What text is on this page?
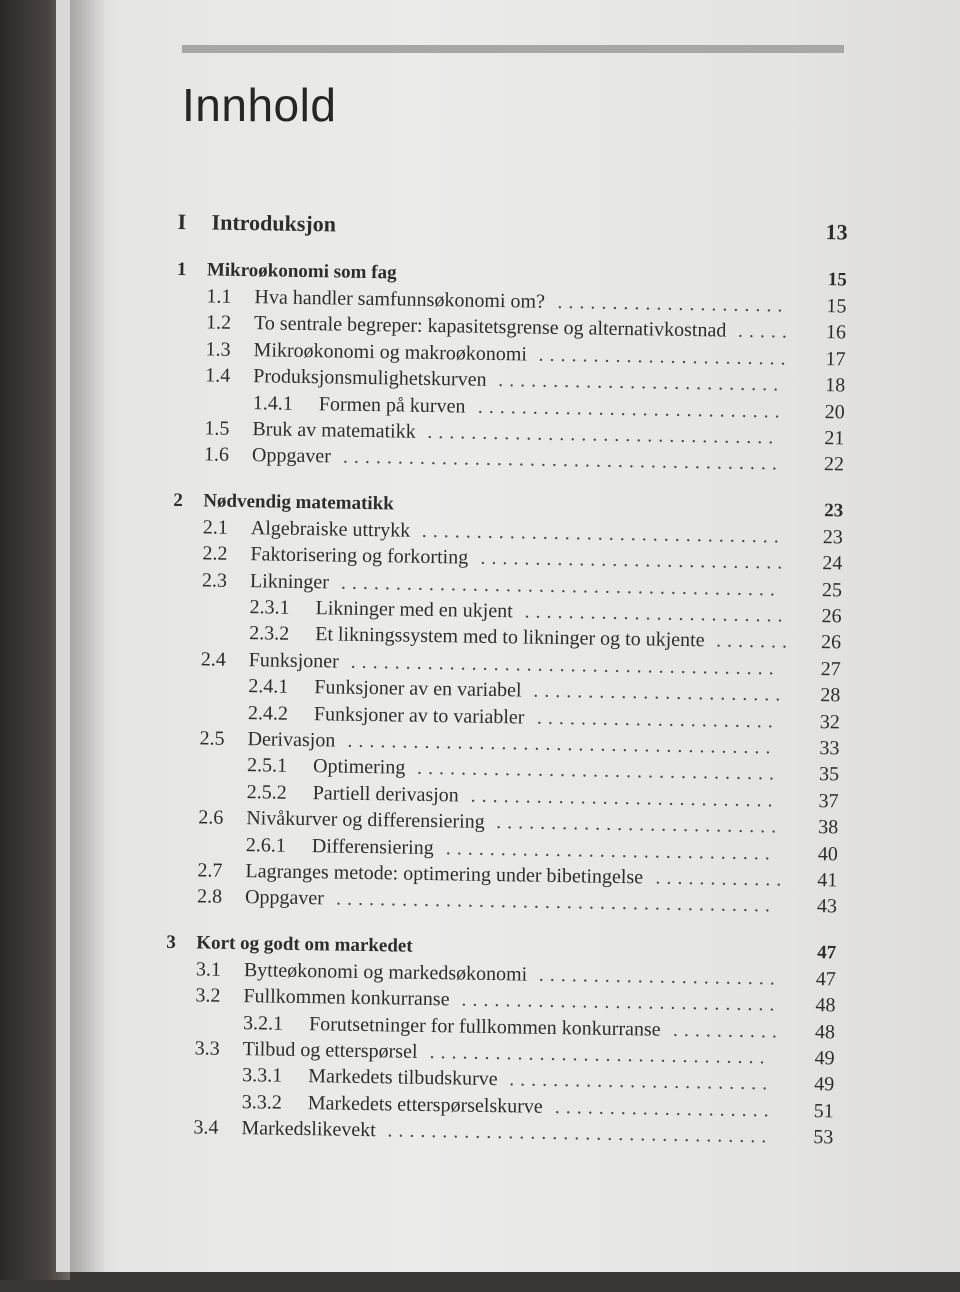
Innhold
I Introduksjon	13
1 Mikroøkonomi som fag	15
1.1 Hva handler samfunnsøkonomi om? .....................	15
1.2 To sentrale begreper: kapasitetsgrense og alternativkostnad .....	16
1.3 Mikroøkonomi og makroøkonomi .......................	17
1.4 Produksjonsmulighetskurven ..........................	18
1.4.1 Formen på kurven ............................	20
1.5 Bruk av matematikk ................................	21
1.6 Oppgaver ........................................	22
2 Nødvendig matematikk	23
2.1 Algebraiske uttrykk .................................	23
2.2 Faktorisering og forkorting ............................	24
2.3 Likninger ........................................	25
2.3.1 Likninger med en ukjent ........................	26
2.3.2 Et likningssystem med to likninger og to ukjente .......	26
2.4 Funksjoner .......................................	27
2.4.1 Funksjoner av en variabel .......................	28
2.4.2 Funksjoner av to variabler ......................	32
2.5 Derivasjon .......................................	33
2.5.1 Optimering .................................	35
2.5.2 Partiell derivasjon ............................	37
2.6 Nivåkurver og differensiering ..........................	38
2.6.1 Differensiering ..............................	40
2.7 Lagranges metode: optimering under bibetingelse ............	41
2.8 Oppgaver ........................................	43
3 Kort og godt om markedet	47
3.1 Bytteøkonomi og markedsøkonomi ......................	47
3.2 Fullkommen konkurranse .............................	48
3.2.1 Forutsetninger for fullkommen konkurranse ..........	48
3.3 Tilbud og etterspørsel ...............................	49
3.3.1 Markedets tilbudskurve ........................	49
3.3.2 Markedets etterspørselskurve ....................	51
3.4 Markedslikevekt ...................................	53
